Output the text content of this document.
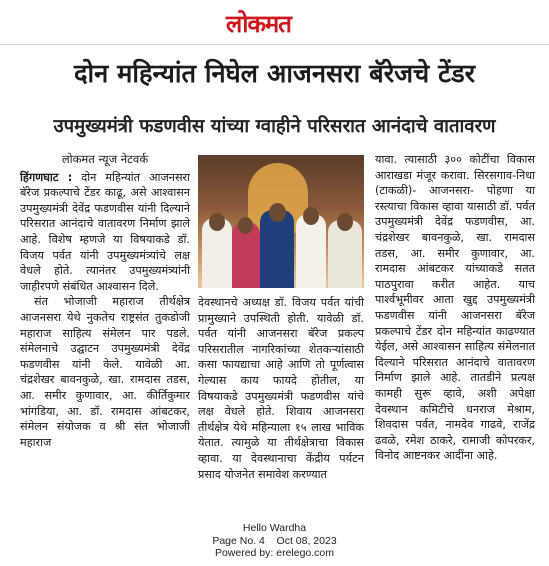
लोकमत
दोन महिन्यांत निघेल आजनसरा बॅरेजचे टेंडर
उपमुख्यमंत्री फडणवीस यांच्या ग्वाहीने परिसरात आनंदाचे वातावरण
लोकमत न्यूज नेटवर्क

हिंगणघाट : दोन महिन्यांत आजनसरा बॅरेज प्रकल्पाचे टेंडर काढू, असे आश्वासन उपमुख्यमंत्री देवेंद्र फडणवीस यांनी दिल्याने परिसरात आनंदाचे वातावरण निर्माण झाले आहे. विशेष म्हणजे या विषयाकडे डॉ. विजय पर्वत यांनी उपमुख्यमंत्र्यांचे लक्ष वेधले होते. त्यानंतर उपमुख्यमंत्र्यांनी जाहीरपणे संबंधित आश्वासन दिले.

संत भोजाजी महाराज तीर्थक्षेत्र आजनसरा येथे नुकतेच राष्ट्रसंत तुकडोजी महाराज साहित्य संमेलन पार पडले. संमेलनाचे उद्घाटन उपमुख्यमंत्री देवेंद्र फडणवीस यांनी केले. यावेळी आ. चंद्रशेखर बावनकुळे, खा. रामदास तडस, आ. समीर कुणावार, आ. कीर्तिकुमार भांगडिया, आ. डॉ. रामदास आंबटकर, संमेलन संयोजक व श्री संत भोजाजी महाराज

देवस्थानचे अध्यक्ष डॉ. विजय पर्वत यांची प्रामुख्याने उपस्थिती होती. यावेळी डॉ. पर्वत यांनी आजनसरा बॅरेज प्रकल्प परिसरातील नागरिकांच्या शेतकऱ्यांसाठी कसा फायद्याचा आहे आणि तो पूर्णत्वास गेल्यास काय फायदे होतील, या विषयाकडे उपमुख्यमंत्री फडणवीस यांचे लक्ष वेधले होते. शिवाय आजनसरा तीर्थक्षेत्र येथे महिन्याला १५ लाख भाविक येतात. त्यामुळे या तीर्थक्षेत्राचा विकास व्हावा. या देवस्थानाचा केंद्रीय पर्यटन प्रसाद योजनेत समावेश करण्यात

यावा. त्यासाठी ३०० कोटींचा विकास आराखडा मंजूर करावा. सिरसगाव-निधा (टाकळी)- आजनसरा- पोहणा या रस्त्याचा विकास व्हावा यासाठी डॉ. पर्वत उपमुख्यमंत्री देवेंद्र फडणवीस, आ. चंद्रशेखर बावनकुळे, खा. रामदास तडस, आ. समीर कुणावार, आ. रामदास आंबटकर यांच्याकडे सतत पाठपुरावा करीत आहेत. याच पार्श्वभूमीवर आता खुद्द उपमुख्यमंत्री फडणवीस यांनी आजनसरा बॅरेज प्रकल्पाचे टेंडर दोन महिन्यांत काढण्यात येईल, असे आश्वासन साहित्य संमेलनात दिल्याने परिसरात आनंदाचे वातावरण निर्माण झाले आहे. तातडीने प्रत्यक्ष कामही सुरू व्हावे, अशी अपेक्षा देवस्थान कमिटीचे धनराज मेश्राम, शिवदास पर्वत, नामदेव गाढवे, राजेंद्र ढवळे, रमेश ठाकरे, रामाजी कोपरकर, विनोद आष्टनकर आदींना आहे.

Hello Wardha
Page No. 4    Oct 08, 2023
Powered by: erelego.com
